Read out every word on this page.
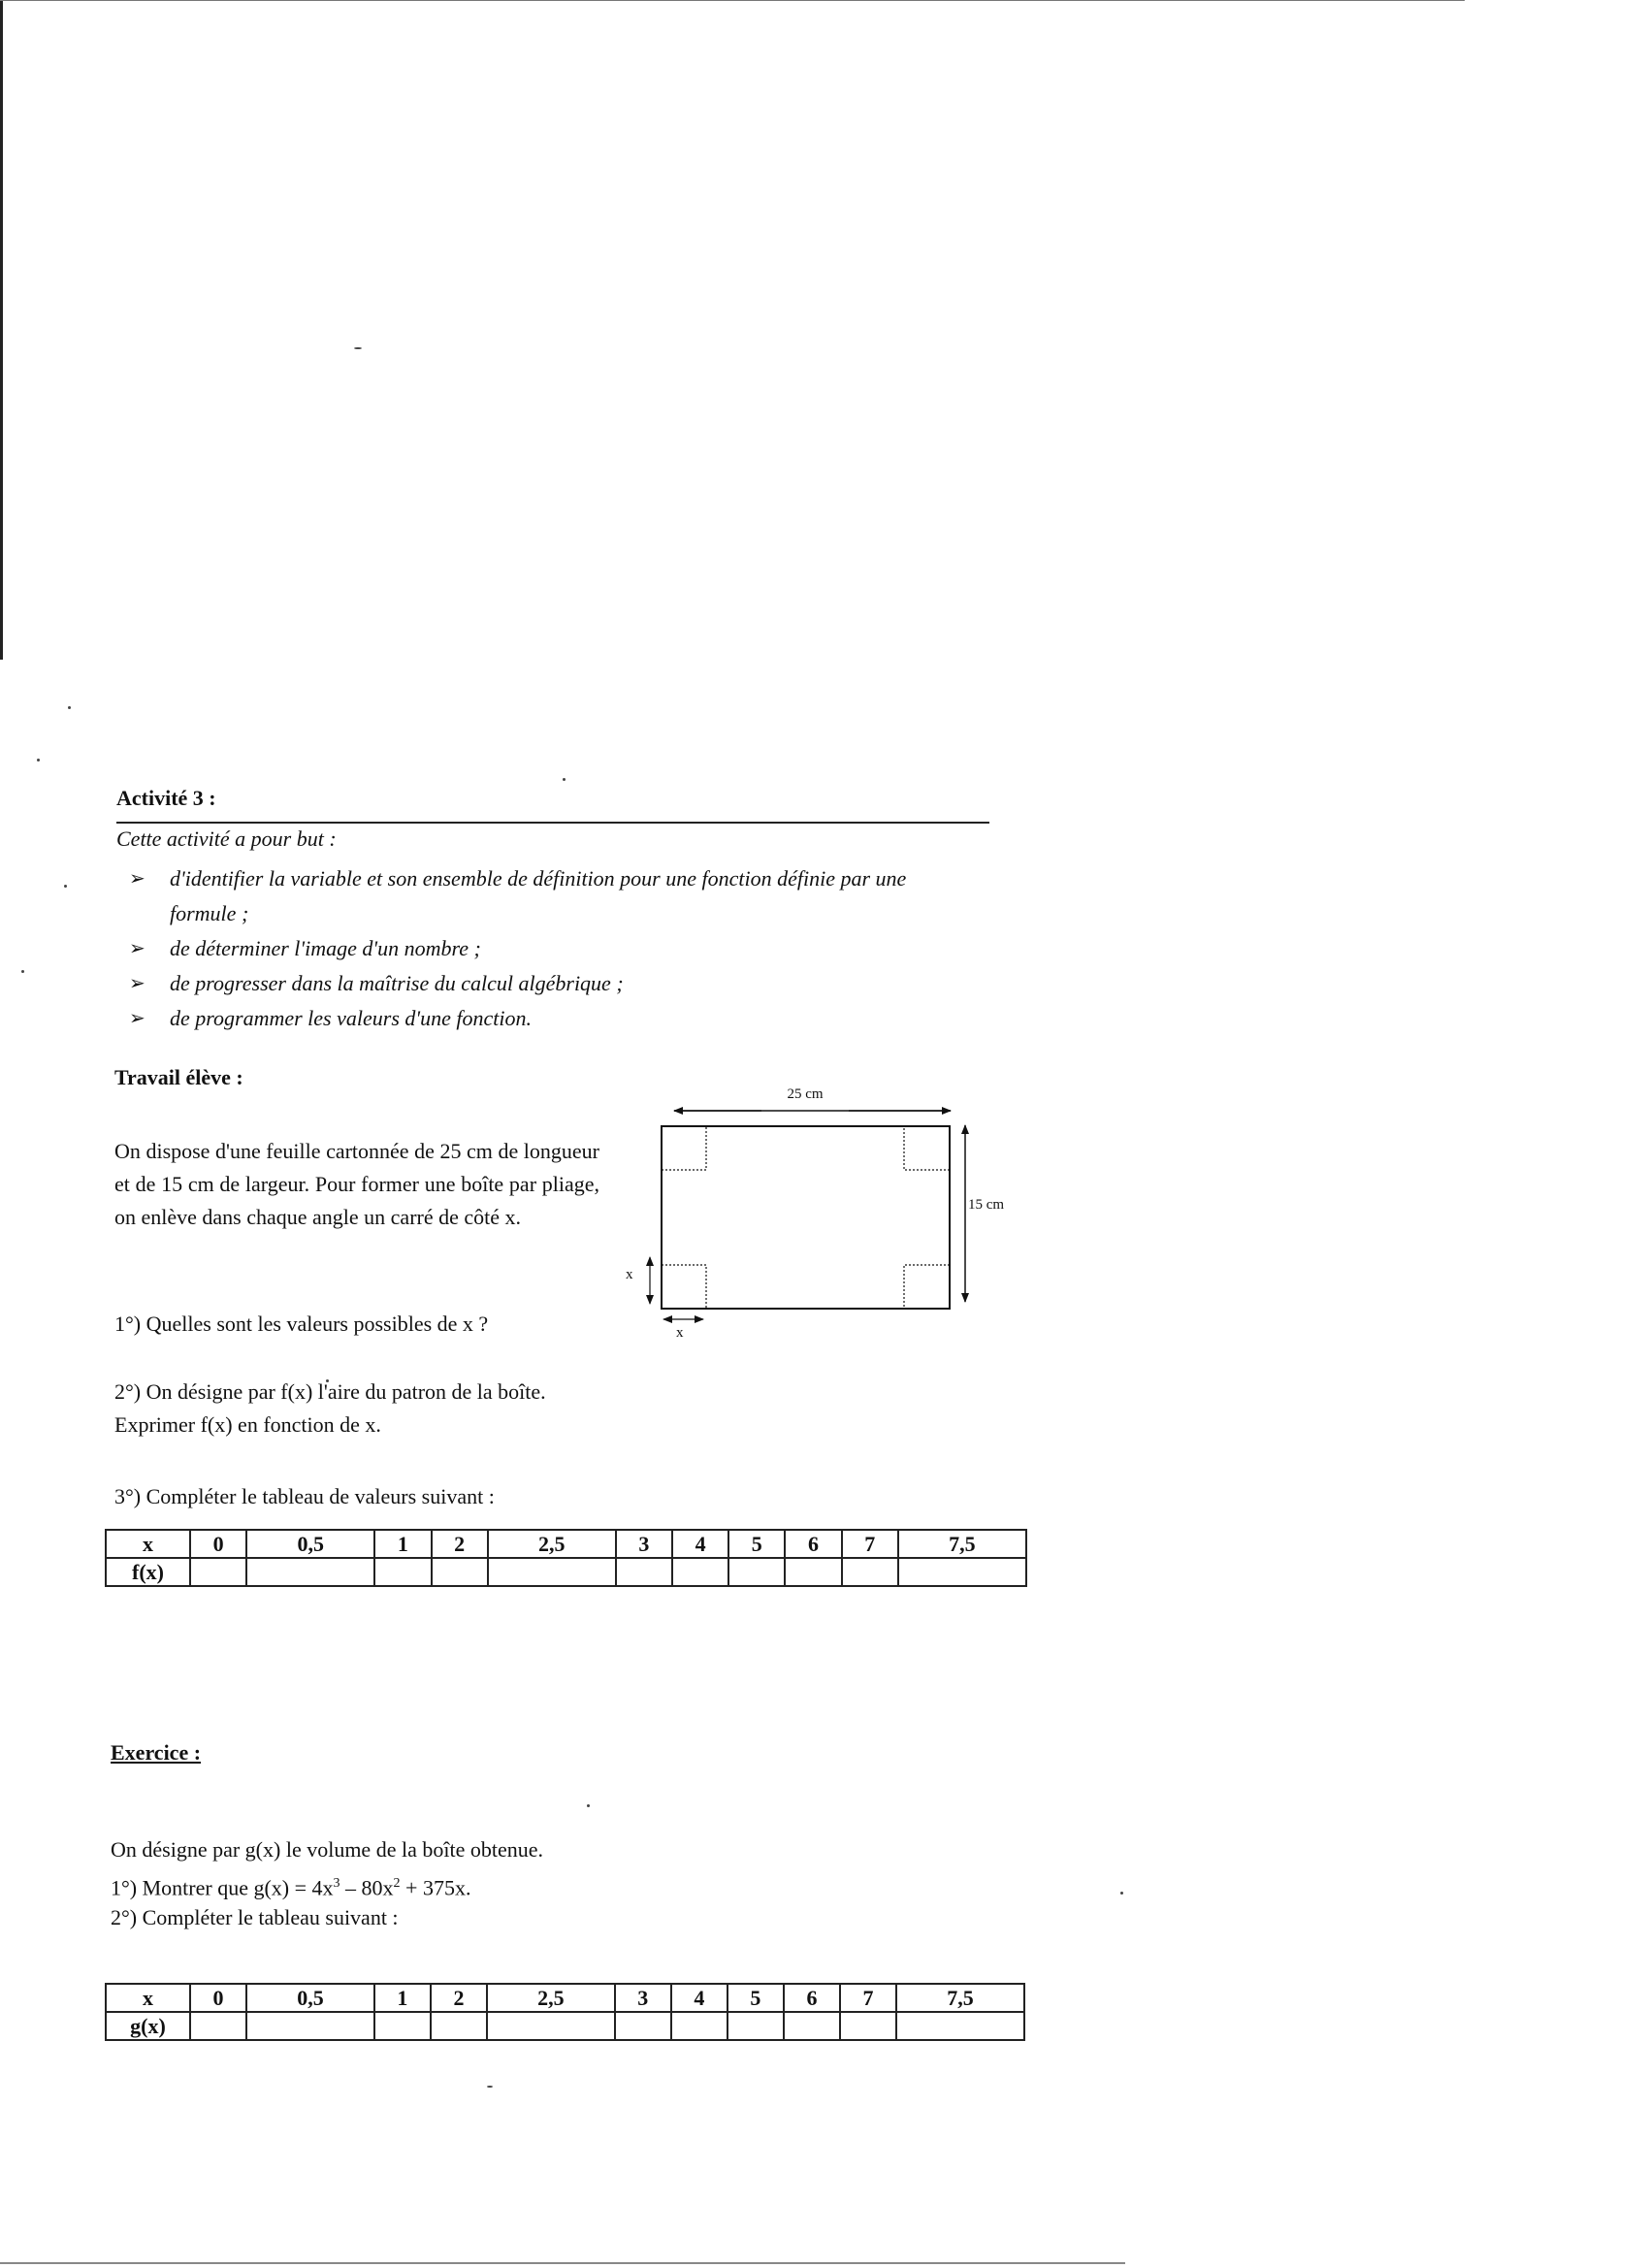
Activité 3 :
Cette activité a pour but :
➢ d'identifier la variable et son ensemble de définition pour une fonction définie par une
formule ;
➢ de déterminer l'image d'un nombre ;
➢ de progresser dans la maîtrise du calcul algébrique ;
➢ de programmer les valeurs d'une fonction.
Travail élève :
On dispose d'une feuille cartonnée de 25 cm de longueur et de 15 cm de largeur. Pour former une boîte par pliage, on enlève dans chaque angle un carré de côté x.
1°) Quelles sont les valeurs possibles de x ?
2°) On désigne par f(x) l'aire du patron de la boîte.
Exprimer f(x) en fonction de x.
3°) Compléter le tableau de valeurs suivant :
25 cm
15 cm
x
x
x	0	0,5	1	2	2,5	3	4	5	6	7	7,5
f(x)											
Exercice :
On désigne par g(x) le volume de la boîte obtenue.
1°) Montrer que $g(x) = 4x^3 - 80x^2 + 375x$.
2°) Compléter le tableau suivant :
x	0	0,5	1	2	2,5	3	4	5	6	7	7,5
g(x)											
